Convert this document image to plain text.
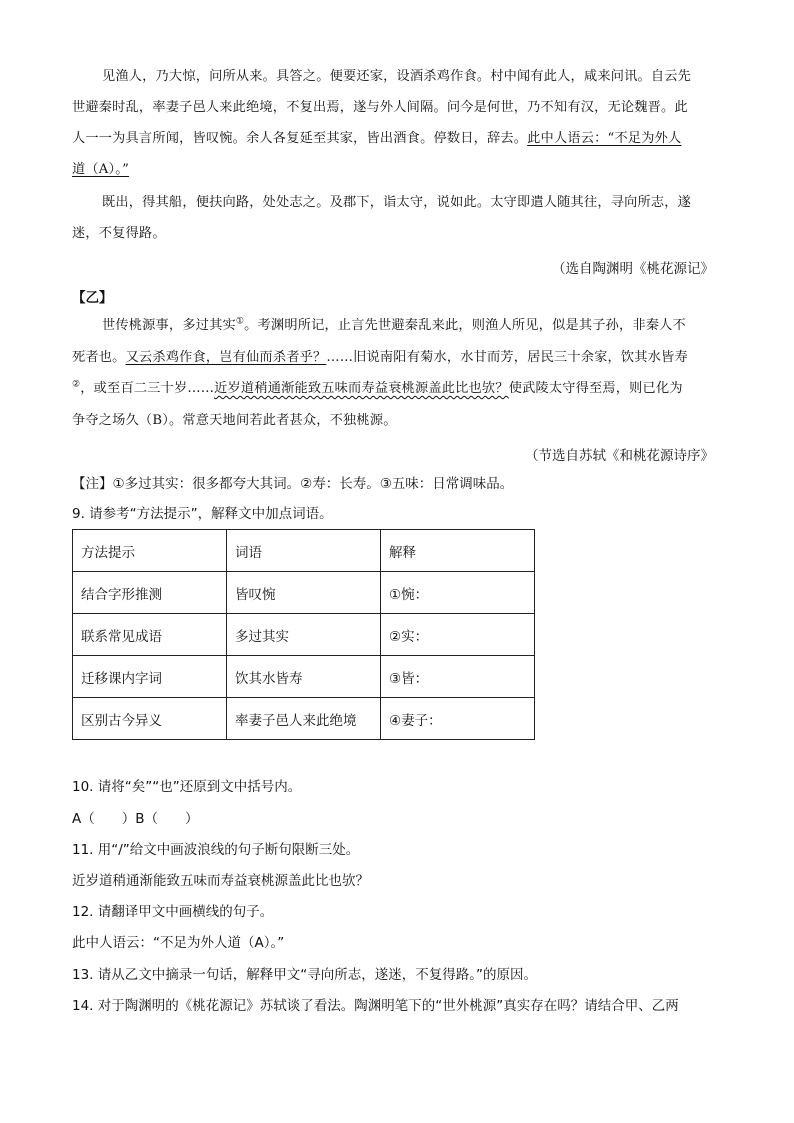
见渔人，乃大惊，问所从来。具答之。便要还家，设酒杀鸡作食。村中闻有此人，咸来问讯。自云先
世避秦时乱，率妻子邑人来此绝境，不复出焉，遂与外人间隔。问今是何世，乃不知有汉，无论魏晋。此
人一一为具言所闻，皆叹惋。余人各复延至其家，皆出酒食。停数日，辞去。此中人语云：“不足为外人
道（A）。”
既出，得其船，便扶向路，处处志之。及郡下，诣太守，说如此。太守即遣人随其往，寻向所志，遂
迷，不复得路。
（选自陶渊明《桃花源记》
【乙】
世传桃源事，多过其实①。考渊明所记，止言先世避秦乱来此，则渔人所见，似是其子孙，非秦人不
死者也。又云杀鸡作食，岂有仙而杀者乎？……旧说南阳有菊水，水甘而芳，居民三十余家，饮其水皆寿
②，或至百二三十岁……近岁道稍通渐能致五味而寿益衰桃源盖此比也欤？使武陵太守得至焉，则已化为
争夺之场久（B）。常意天地间若此者甚众，不独桃源。
（节选自苏轼《和桃花源诗序》
【注】①多过其实：很多都夸大其词。②寿：长寿。③五味：日常调味品。
9. 请参考“方法提示”，解释文中加点词语。
方法提示	词语	解释
结合字形推测	皆叹惋	①惋：
联系常见成语	多过其实	②实：
迁移课内字词	饮其水皆寿	③皆：
区别古今异义	率妻子邑人来此绝境	④妻子：
10. 请将“矣”“也”还原到文中括号内。
A（　　）B（　　）
11. 用“/”给文中画波浪线的句子断句限断三处。
近岁道稍通渐能致五味而寿益衰桃源盖此比也欤？
12. 请翻译甲文中画横线的句子。
此中人语云：“不足为外人道（A）。”
13. 请从乙文中摘录一句话，解释甲文“寻向所志，遂迷，不复得路。”的原因。
14. 对于陶渊明的《桃花源记》苏轼谈了看法。陶渊明笔下的“世外桃源”真实存在吗？请结合甲、乙两
